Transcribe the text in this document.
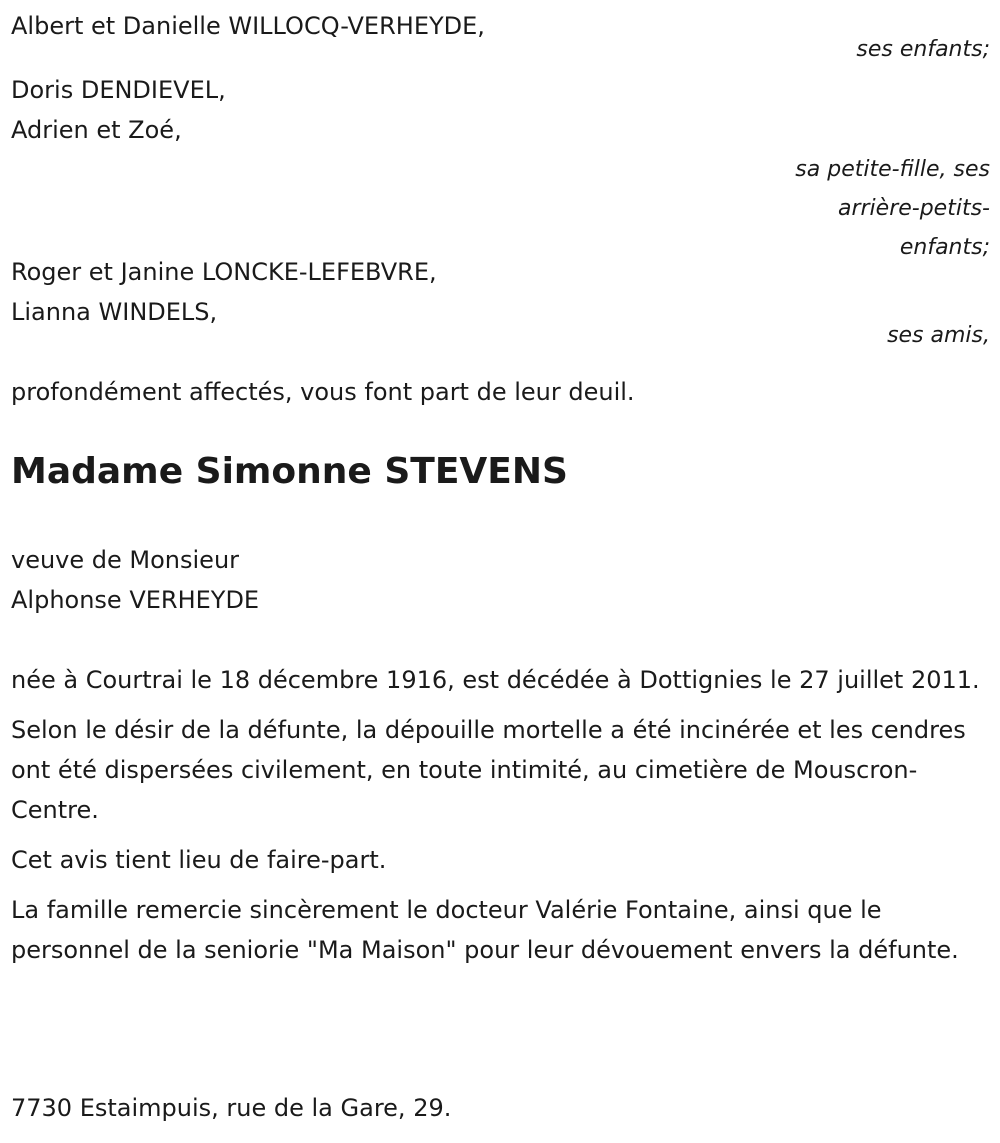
Albert et Danielle WILLOCQ-VERHEYDE,
ses enfants;
Doris DENDIEVEL,
Adrien et Zoé,
sa petite-fille, ses
arrière-petits-
enfants;
Roger et Janine LONCKE-LEFEBVRE,
Lianna WINDELS,
ses amis,
profondément affectés, vous font part de leur deuil.
Madame Simonne STEVENS
veuve de Monsieur
Alphonse VERHEYDE

née à Courtrai le 18 décembre 1916, est décédée à Dottignies le 27 juillet 2011.

Selon le désir de la défunte, la dépouille mortelle a été incinérée et les cendres ont été dispersées civilement, en toute intimité, au cimetière de Mouscron-Centre.

Cet avis tient lieu de faire-part.

La famille remercie sincèrement le docteur Valérie Fontaine, ainsi que le personnel de la seniorie "Ma Maison" pour leur dévouement envers la défunte.

7730 Estaimpuis, rue de la Gare, 29.
